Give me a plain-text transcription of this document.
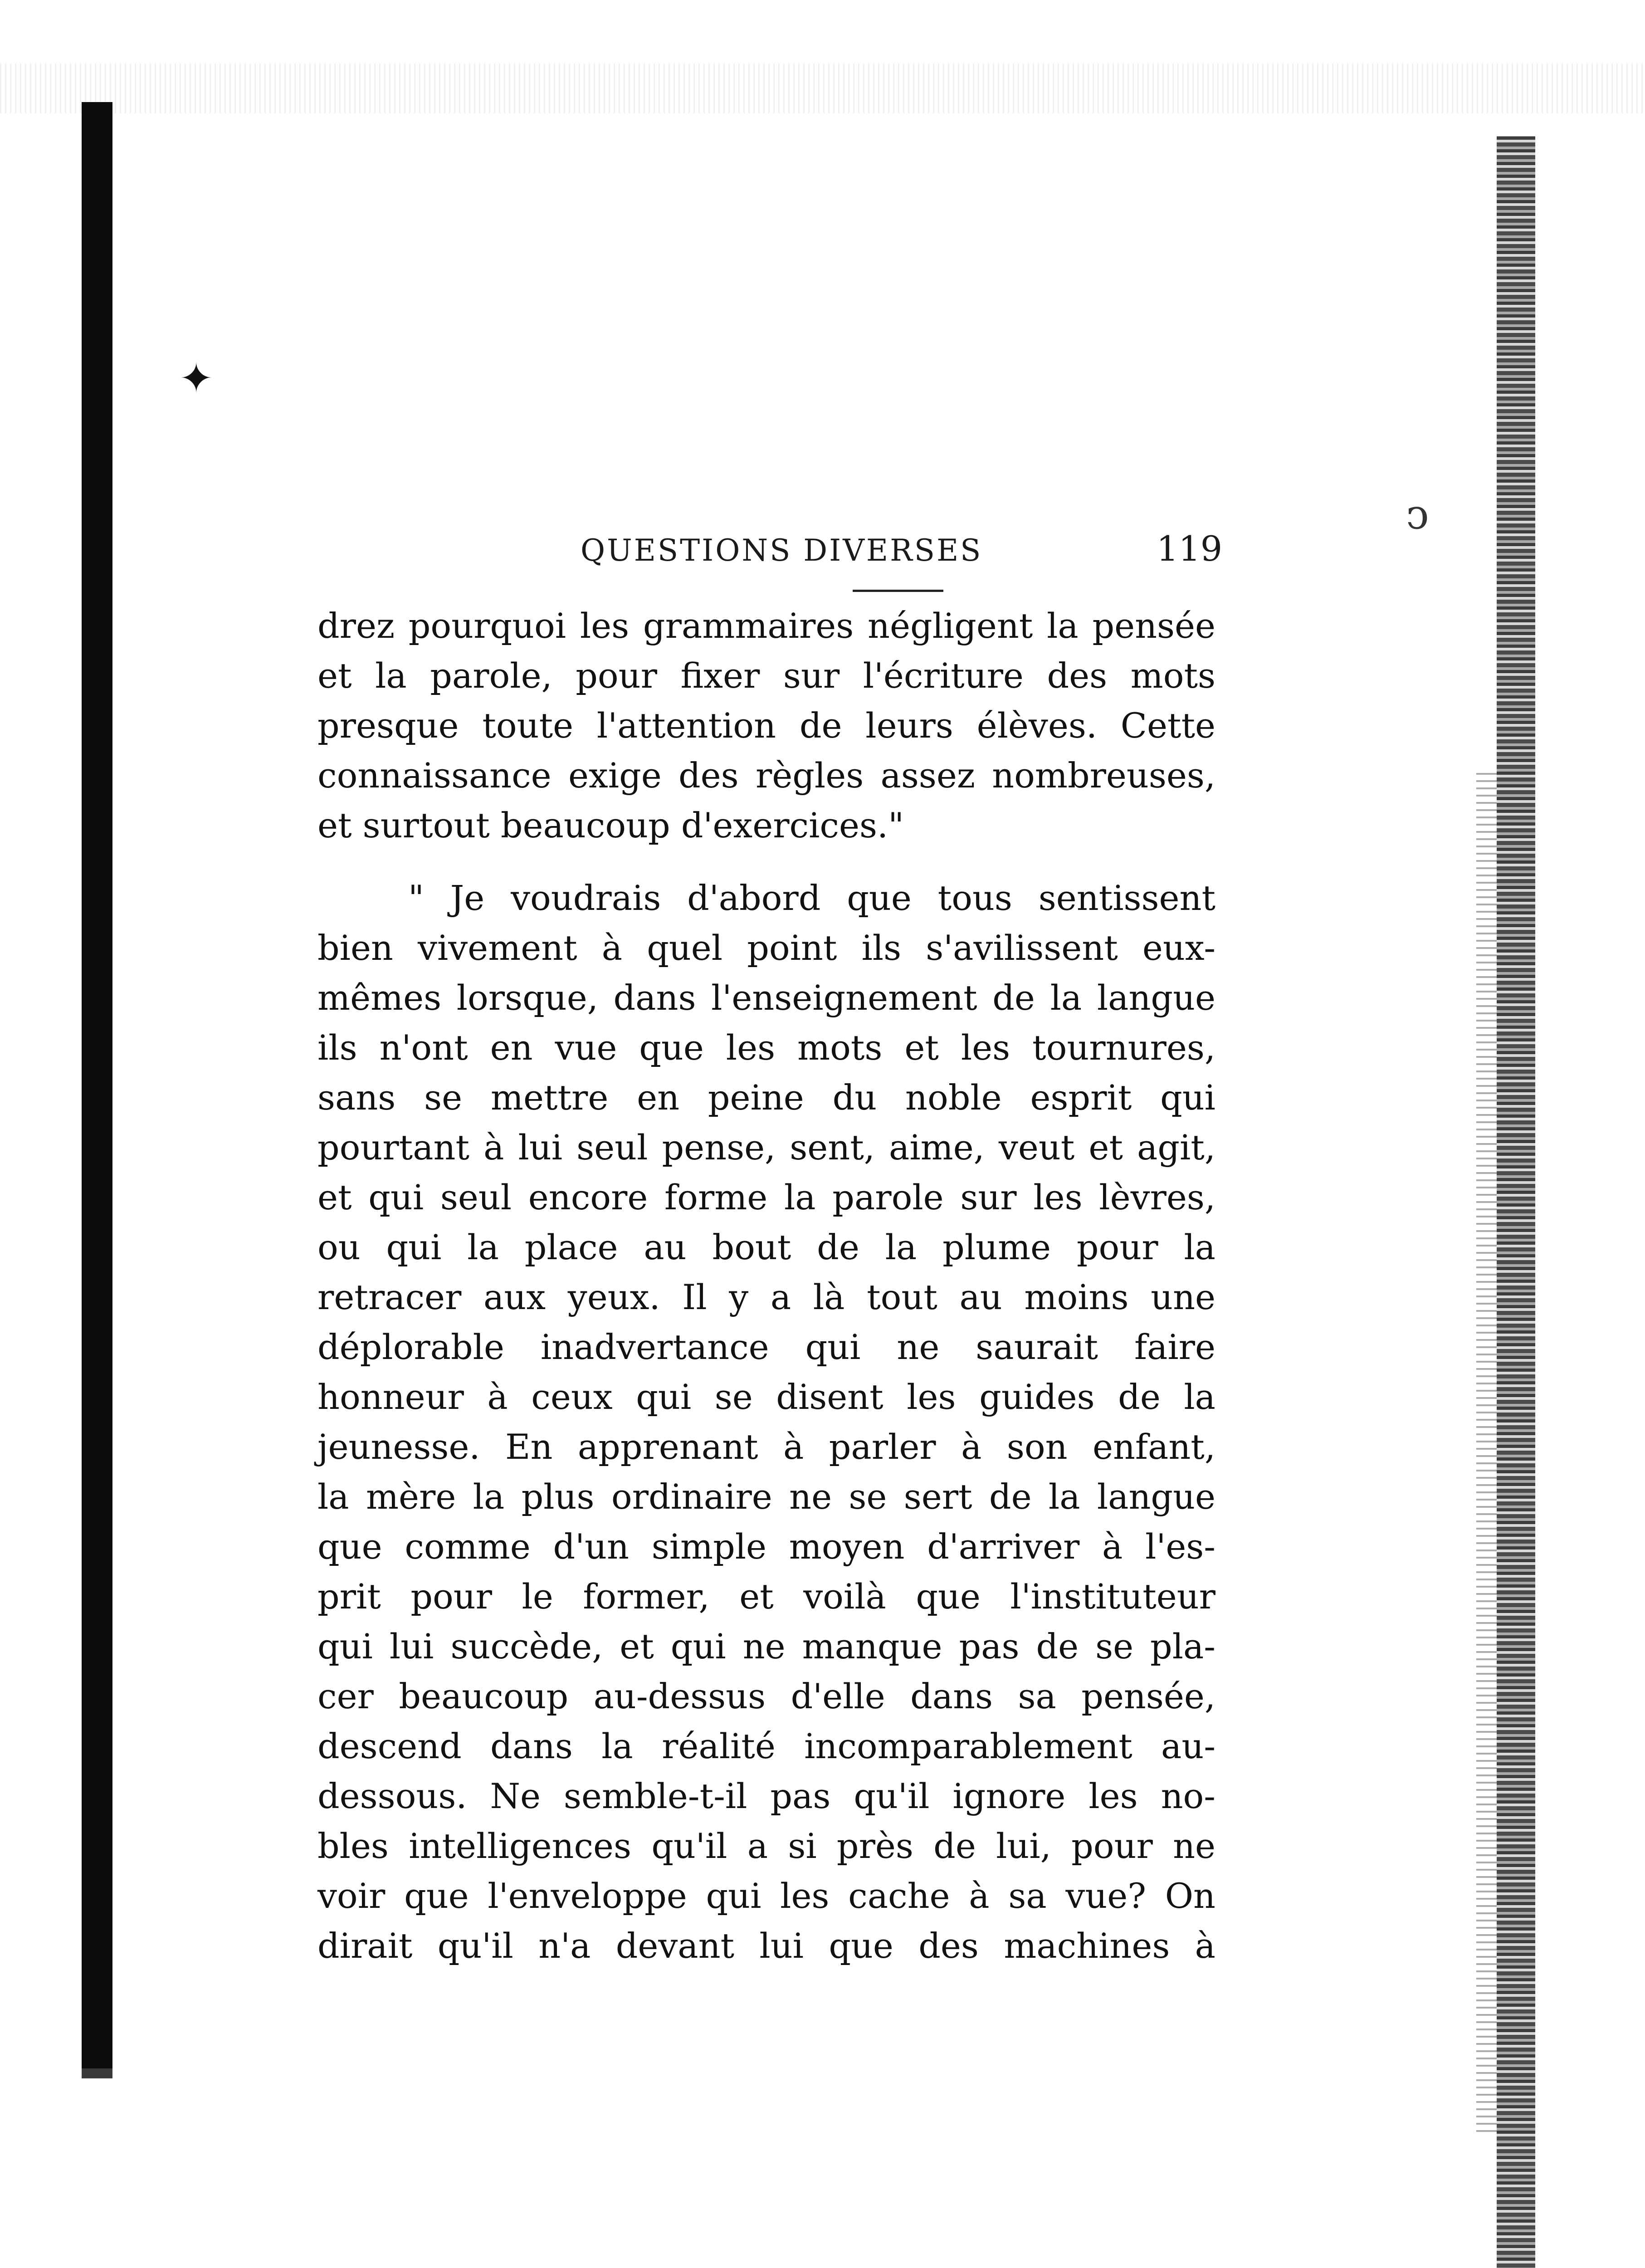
✦
ↄ
QUESTIONS DIVERSES	119
drez pourquoi les grammaires négligent la pensée
et la parole, pour fixer sur l'écriture des mots
presque toute l'attention de leurs élèves. Cette
connaissance exige des règles assez nombreuses,
et surtout beaucoup d'exercices."
" Je voudrais d'abord que tous sentissent
bien vivement à quel point ils s'avilissent eux-
mêmes lorsque, dans l'enseignement de la langue
ils n'ont en vue que les mots et les tournures,
sans se mettre en peine du noble esprit qui
pourtant à lui seul pense, sent, aime, veut et agit,
et qui seul encore forme la parole sur les lèvres,
ou qui la place au bout de la plume pour la
retracer aux yeux. Il y a là tout au moins une
déplorable inadvertance qui ne saurait faire
honneur à ceux qui se disent les guides de la
jeunesse. En apprenant à parler à son enfant,
la mère la plus ordinaire ne se sert de la langue
que comme d'un simple moyen d'arriver à l'es-
prit pour le former, et voilà que l'instituteur
qui lui succède, et qui ne manque pas de se pla-
cer beaucoup au-dessus d'elle dans sa pensée,
descend dans la réalité incomparablement au-
dessous. Ne semble-t-il pas qu'il ignore les no-
bles intelligences qu'il a si près de lui, pour ne
voir que l'enveloppe qui les cache à sa vue? On
dirait qu'il n'a devant lui que des machines à
